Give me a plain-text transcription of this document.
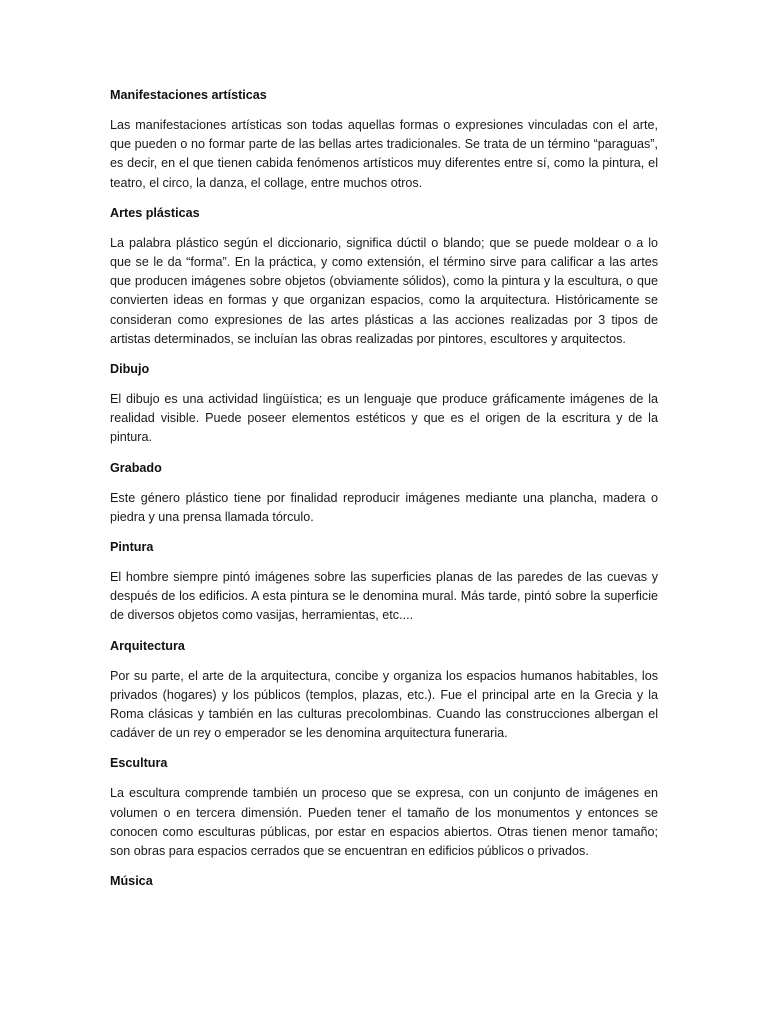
Manifestaciones artísticas
Las manifestaciones artísticas son todas aquellas formas o expresiones vinculadas con el arte, que pueden o no formar parte de las bellas artes tradicionales. Se trata de un término “paraguas”, es decir, en el que tienen cabida fenómenos artísticos muy diferentes entre sí, como la pintura, el teatro, el circo, la danza, el collage, entre muchos otros.
Artes plásticas
La palabra plástico según el diccionario, significa dúctil o blando; que se puede moldear o a lo que se le da “forma”. En la práctica, y como extensión, el término sirve para calificar a las artes que producen imágenes sobre objetos (obviamente sólidos), como la pintura y la escultura, o que convierten ideas en formas y que organizan espacios, como la arquitectura. Históricamente se consideran como expresiones de las artes plásticas a las acciones realizadas por 3 tipos de artistas determinados, se incluían las obras realizadas por pintores, escultores y arquitectos.
Dibujo
El dibujo es una actividad lingüística; es un lenguaje que produce gráficamente imágenes de la realidad visible. Puede poseer elementos estéticos y que es el origen de la escritura y de la pintura.
Grabado
Este género plástico tiene por finalidad reproducir imágenes mediante una plancha, madera o piedra y una prensa llamada tórculo.
Pintura
El hombre siempre pintó imágenes sobre las superficies planas de las paredes de las cuevas y después de los edificios. A esta pintura se le denomina mural. Más tarde, pintó sobre la superficie de diversos objetos como vasijas, herramientas, etc....
Arquitectura
Por su parte, el arte de la arquitectura, concibe y organiza los espacios humanos habitables, los privados (hogares) y los públicos (templos, plazas, etc.). Fue el principal arte en la Grecia y la Roma clásicas y también en las culturas precolombinas. Cuando las construcciones albergan el cadáver de un rey o emperador se les denomina arquitectura funeraria.
Escultura
La escultura comprende también un proceso que se expresa, con un conjunto de imágenes en volumen o en tercera dimensión. Pueden tener el tamaño de los monumentos y entonces se conocen como esculturas públicas, por estar en espacios abiertos. Otras tienen menor tamaño; son obras para espacios cerrados que se encuentran en edificios públicos o privados.
Música
